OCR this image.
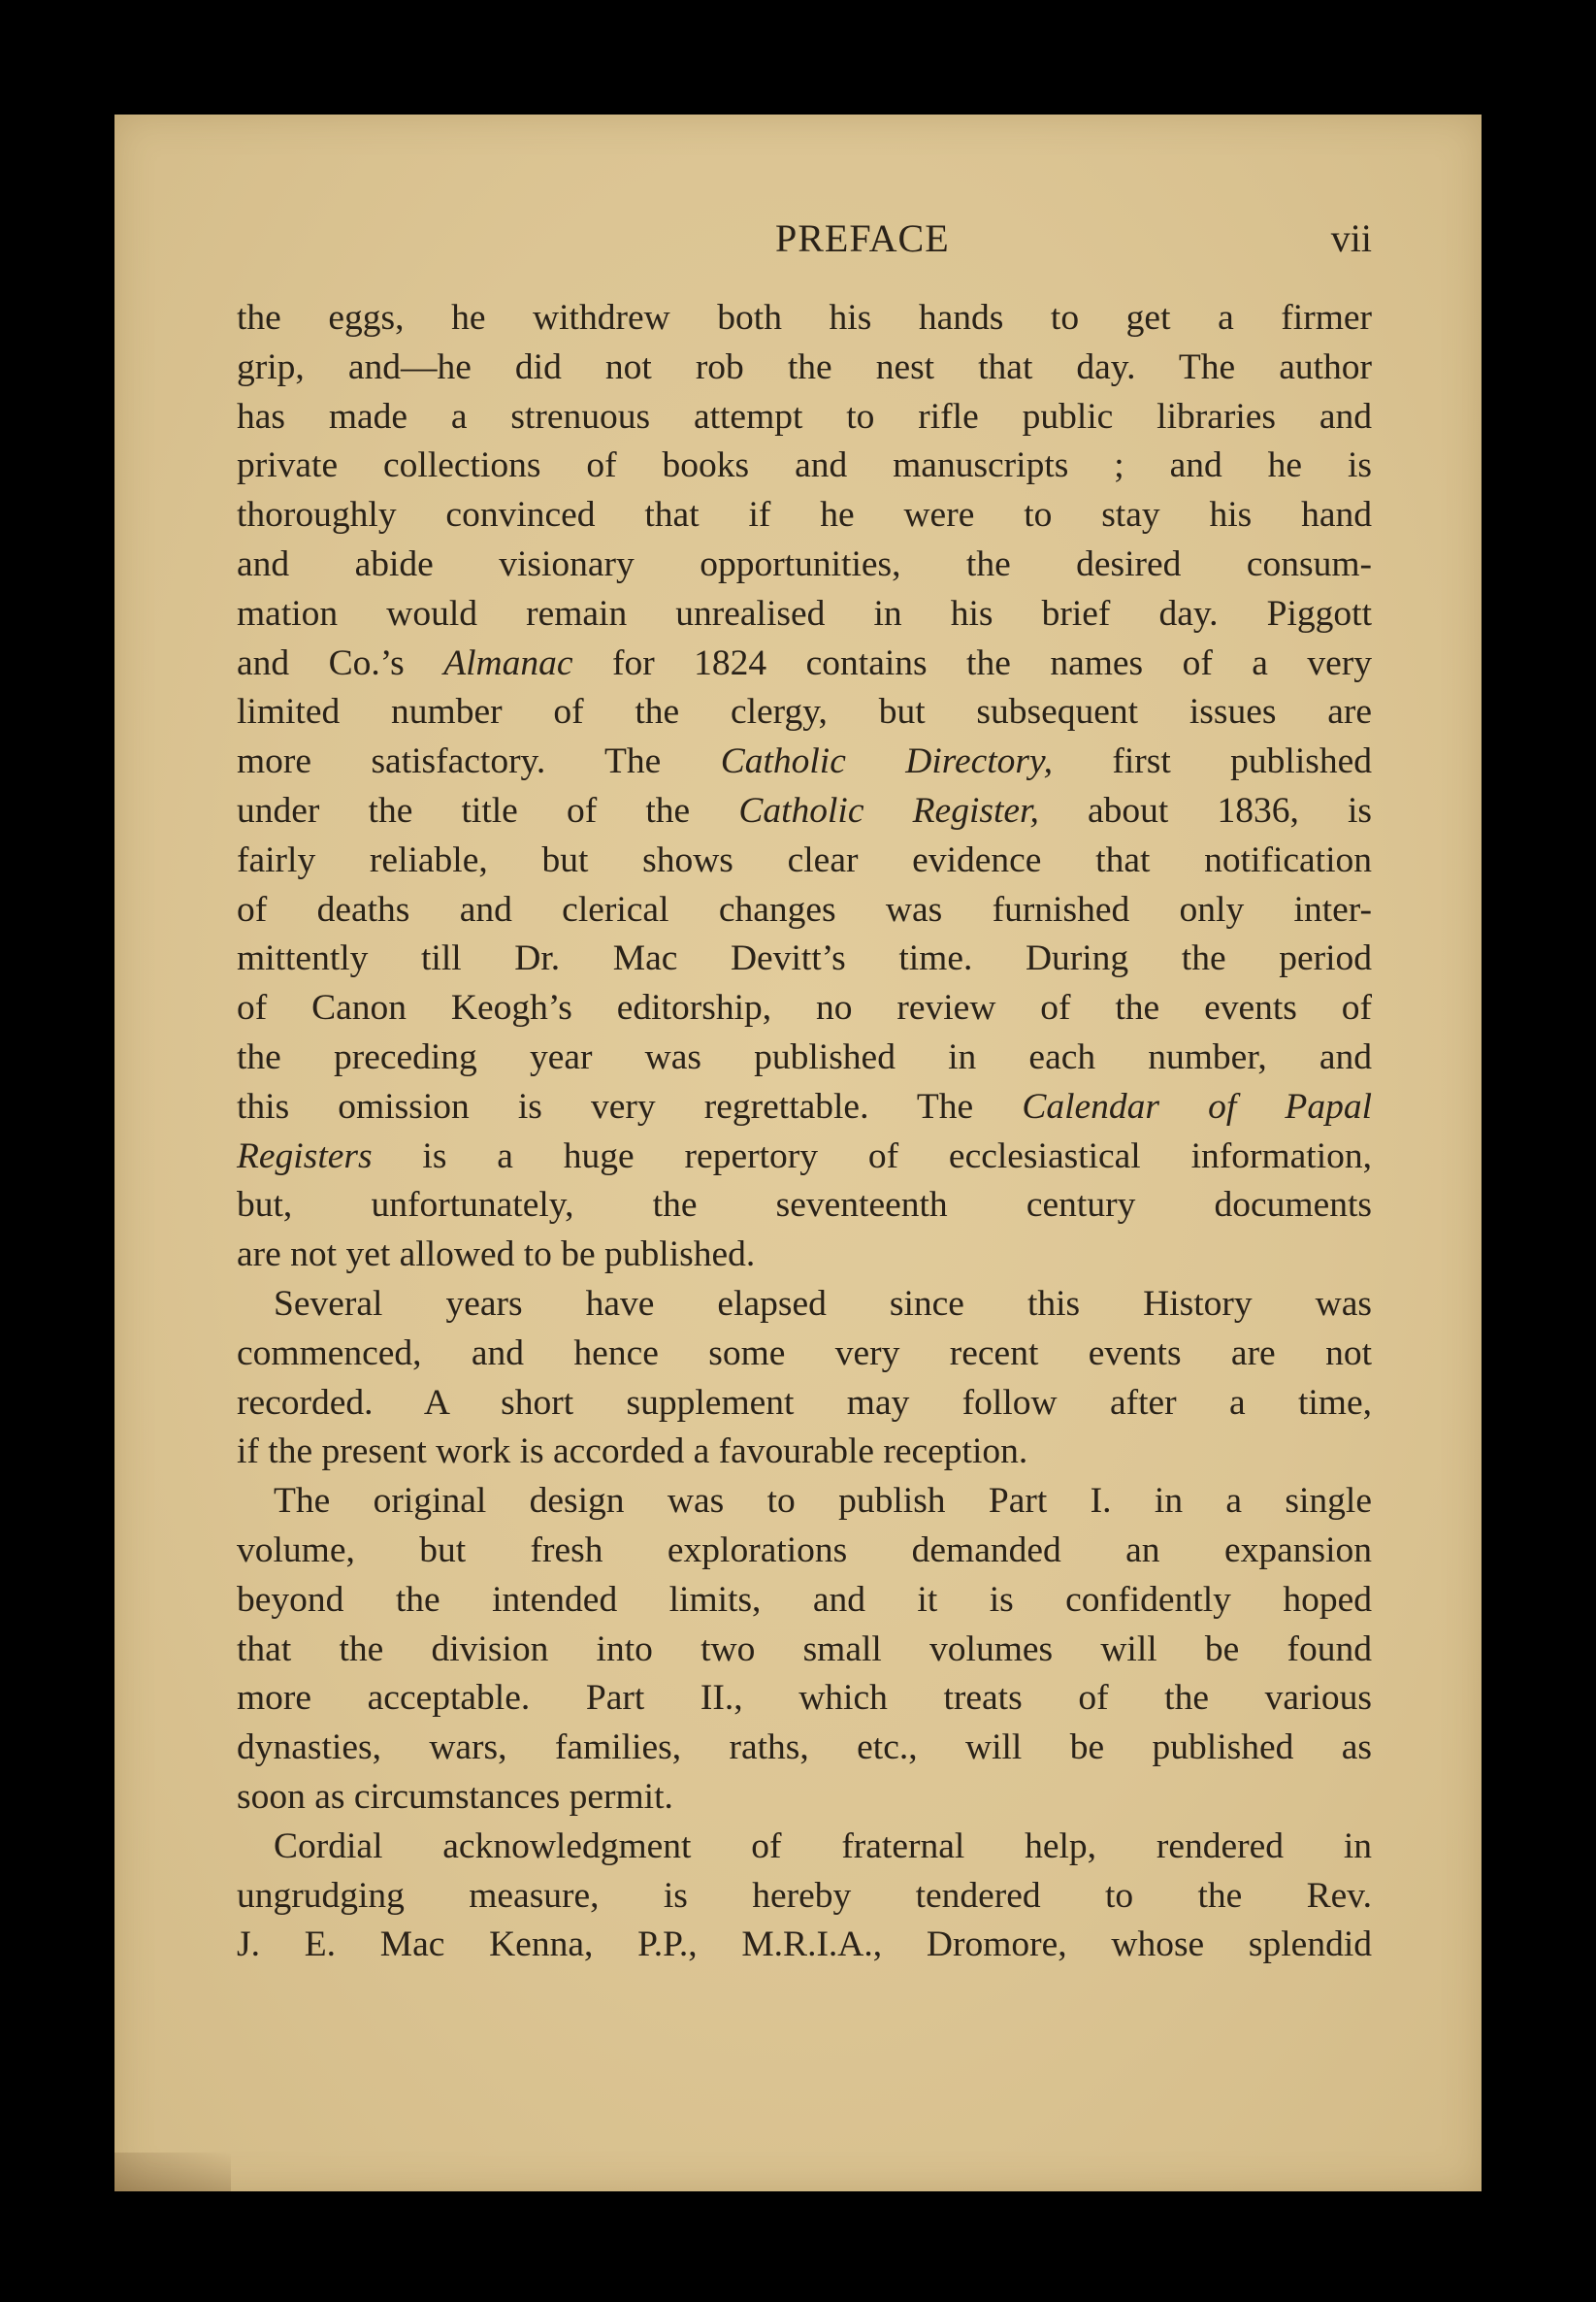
PREFACE	vii
the eggs, he withdrew both his hands to get a firmer
grip, and—he did not rob the nest that day. The author
has made a strenuous attempt to rifle public libraries and
private collections of books and manuscripts ; and he is
thoroughly convinced that if he were to stay his hand
and abide visionary opportunities, the desired consum-
mation would remain unrealised in his brief day. Piggott
and Co.’s Almanac for 1824 contains the names of a very
limited number of the clergy, but subsequent issues are
more satisfactory. The Catholic Directory, first published
under the title of the Catholic Register, about 1836, is
fairly reliable, but shows clear evidence that notification
of deaths and clerical changes was furnished only inter-
mittently till Dr. Mac Devitt’s time. During the period
of Canon Keogh’s editorship, no review of the events of
the preceding year was published in each number, and
this omission is very regrettable. The Calendar of Papal
Registers is a huge repertory of ecclesiastical information,
but, unfortunately, the seventeenth century documents
are not yet allowed to be published.
Several years have elapsed since this History was
commenced, and hence some very recent events are not
recorded. A short supplement may follow after a time,
if the present work is accorded a favourable reception.
The original design was to publish Part I. in a single
volume, but fresh explorations demanded an expansion
beyond the intended limits, and it is confidently hoped
that the division into two small volumes will be found
more acceptable. Part II., which treats of the various
dynasties, wars, families, raths, etc., will be published as
soon as circumstances permit.
Cordial acknowledgment of fraternal help, rendered in
ungrudging measure, is hereby tendered to the Rev.
J. E. Mac Kenna, P.P., M.R.I.A., Dromore, whose splendid
